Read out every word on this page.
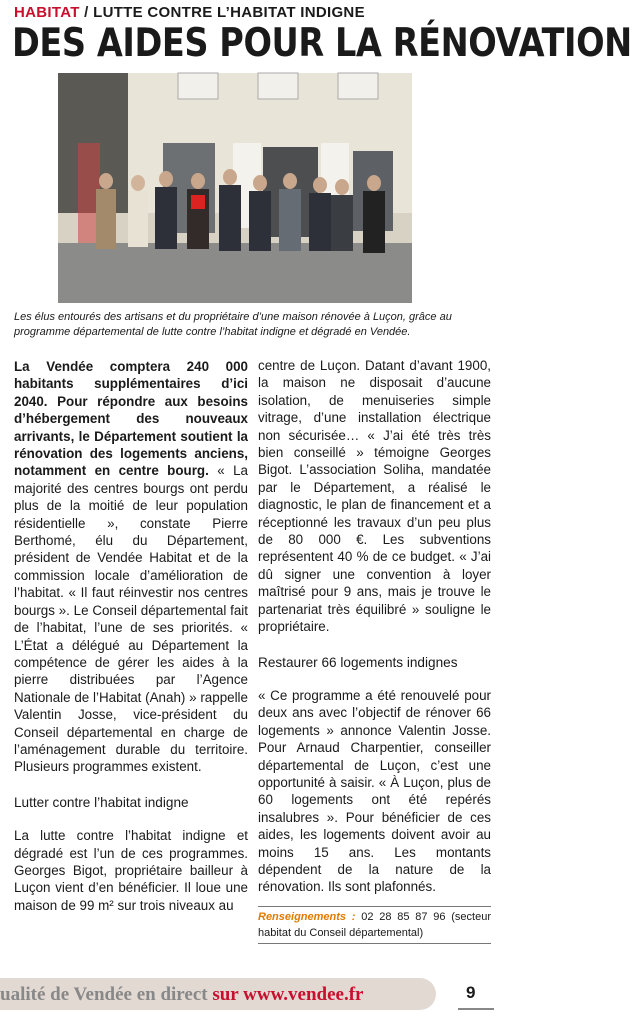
HABITAT / LUTTE CONTRE L’HABITAT INDIGNE
DES AIDES POUR LA RÉNOVATION
Les élus entourés des artisans et du propriétaire d’une maison rénovée à Luçon, grâce au programme départemental de lutte contre l’habitat indigne et dégradé en Vendée.

La Vendée comptera 240 000 habitants supplémentaires d’ici 2040. Pour répondre aux besoins d’hébergement des nouveaux arrivants, le Département soutient la rénovation des logements anciens, notamment en centre bourg. « La majorité des centres bourgs ont perdu plus de la moitié de leur population résidentielle », constate Pierre Berthomé, élu du Département, président de Vendée Habitat et de la commission locale d’amélioration de l’habitat. « Il faut réinvestir nos centres bourgs ». Le Conseil départemental fait de l’habitat, l’une de ses priorités. « L’État a délégué au Département la compétence de gérer les aides à la pierre distribuées par l’Agence Nationale de l’Habitat (Anah) » rappelle Valentin Josse, vice-président du Conseil départemental en charge de l’aménagement durable du territoire. Plusieurs programmes existent.

Lutter contre l’habitat indigne

La lutte contre l’habitat indigne et dégradé est l’un de ces programmes. Georges Bigot, propriétaire bailleur à Luçon vient d’en bénéficier. Il loue une maison de 99 m² sur trois niveaux au

centre de Luçon. Datant d’avant 1900, la maison ne disposait d’aucune isolation, de menuiseries simple vitrage, d’une installation électrique non sécurisée… « J’ai été très très bien conseillé » témoigne Georges Bigot. L’association Soliha, mandatée par le Département, a réalisé le diagnostic, le plan de financement et a réceptionné les travaux d’un peu plus de 80 000 €. Les subventions représentent 40 % de ce budget. « J’ai dû signer une convention à loyer maîtrisé pour 9 ans, mais je trouve le partenariat très équilibré » souligne le propriétaire.

Restaurer 66 logements indignes

« Ce programme a été renouvelé pour deux ans avec l’objectif de rénover 66 logements » annonce Valentin Josse. Pour Arnaud Charpentier, conseiller départemental de Luçon, c’est une opportunité à saisir. « À Luçon, plus de 60 logements ont été repérés insalubres ». Pour bénéficier de ces aides, les logements doivent avoir au moins 15 ans. Les montants dépendent de la nature de la rénovation. Ils sont plafonnés.

Renseignements : 02 28 85 87 96 (secteur habitat du Conseil départemental)

ualité de Vendée en direct sur www.vendee.fr	9
